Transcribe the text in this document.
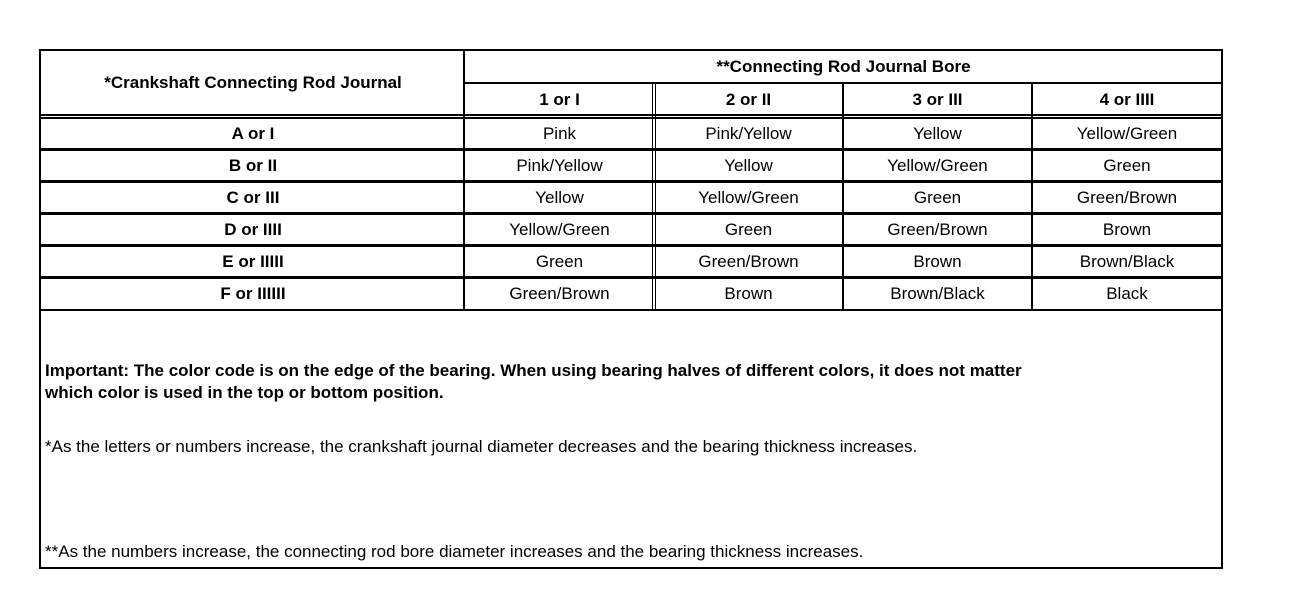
*Crankshaft Connecting Rod Journal
**Connecting Rod Journal Bore
1 or I	2 or II	3 or III	4 or IIII
A or I	Pink	Pink/Yellow	Yellow	Yellow/Green
B or II	Pink/Yellow	Yellow	Yellow/Green	Green
C or III	Yellow	Yellow/Green	Green	Green/Brown
D or IIII	Yellow/Green	Green	Green/Brown	Brown
E or IIIII	Green	Green/Brown	Brown	Brown/Black
F or IIIIII	Green/Brown	Brown	Brown/Black	Black
Important: The color code is on the edge of the bearing. When using bearing halves of different colors, it does not matter
which color is used in the top or bottom position.
*As the letters or numbers increase, the crankshaft journal diameter decreases and the bearing thickness increases.
**As the numbers increase, the connecting rod bore diameter increases and the bearing thickness increases.
